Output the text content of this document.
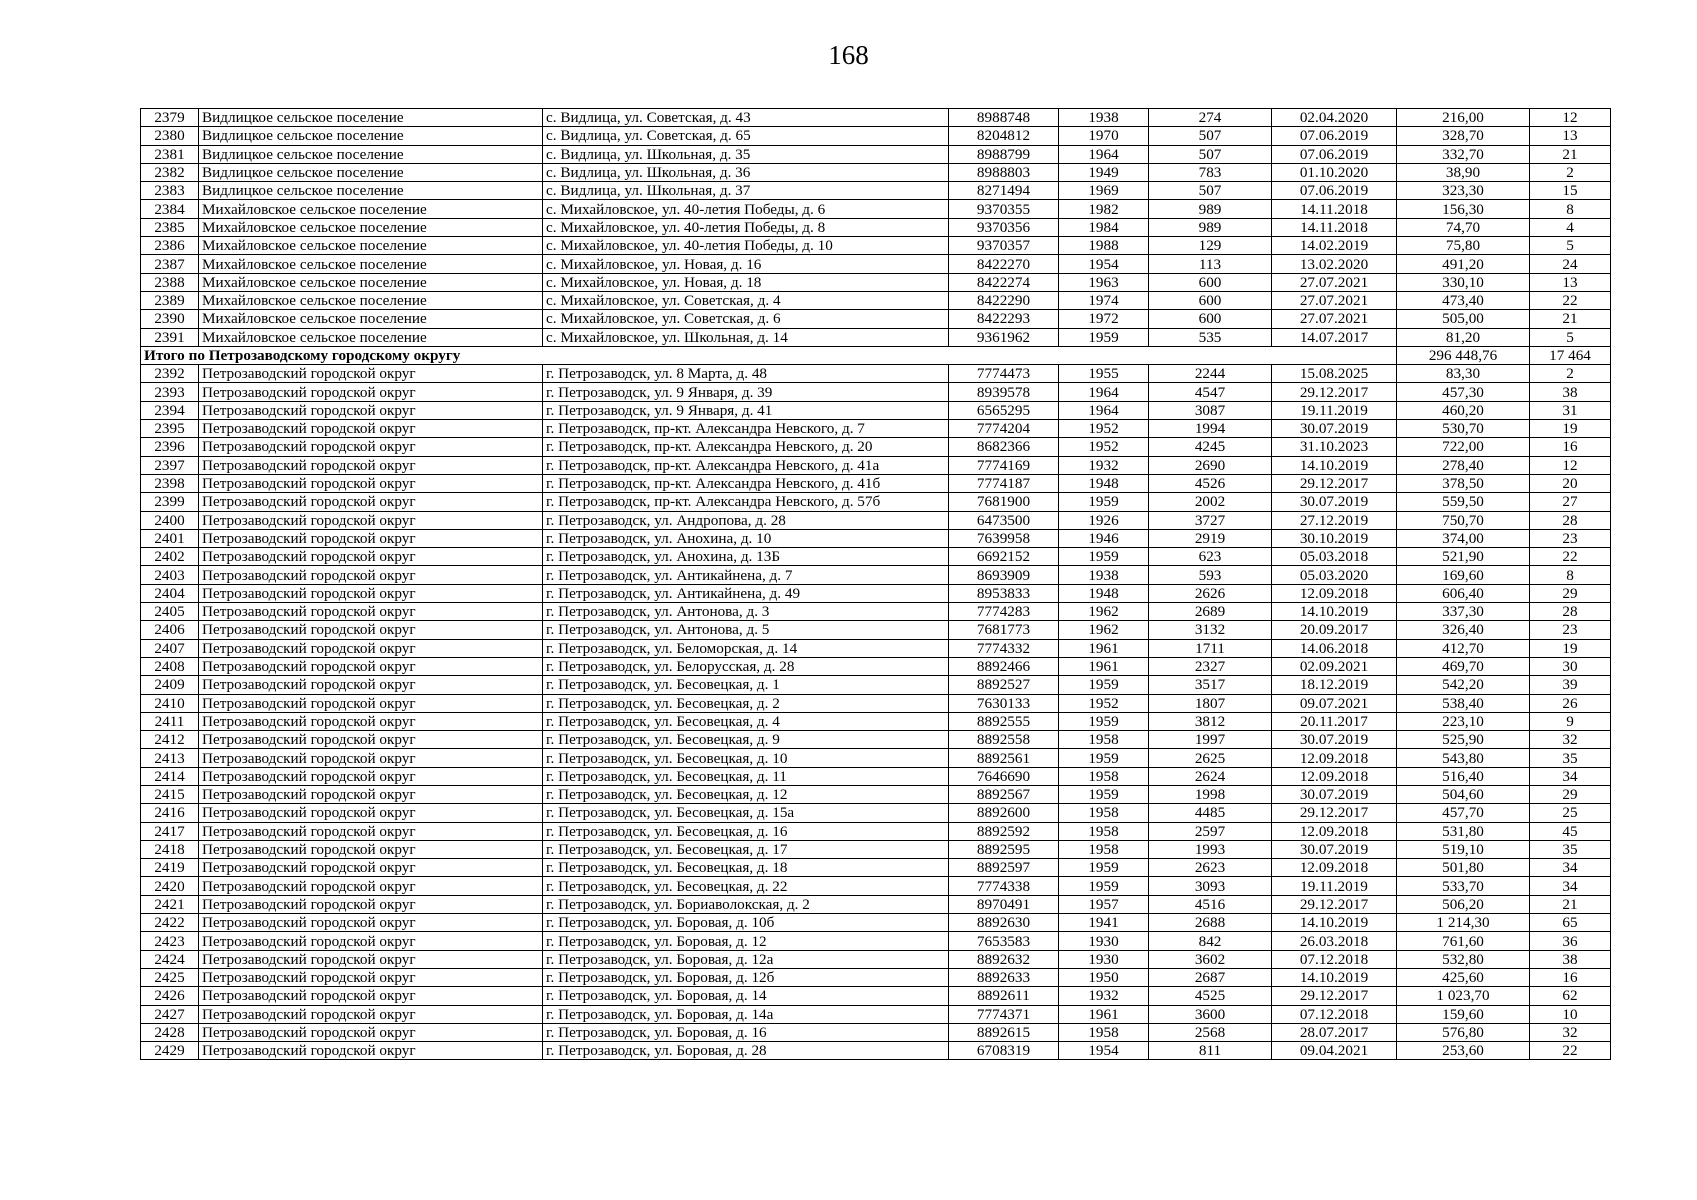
168
2379	Видлицкое сельское поселение	с. Видлица, ул. Советская, д. 43	8988748	1938	274	02.04.2020	216,00	12
2380	Видлицкое сельское поселение	с. Видлица, ул. Советская, д. 65	8204812	1970	507	07.06.2019	328,70	13
2381	Видлицкое сельское поселение	с. Видлица, ул. Школьная, д. 35	8988799	1964	507	07.06.2019	332,70	21
2382	Видлицкое сельское поселение	с. Видлица, ул. Школьная, д. 36	8988803	1949	783	01.10.2020	38,90	2
2383	Видлицкое сельское поселение	с. Видлица, ул. Школьная, д. 37	8271494	1969	507	07.06.2019	323,30	15
2384	Михайловское сельское поселение	с. Михайловское, ул. 40-летия Победы, д. 6	9370355	1982	989	14.11.2018	156,30	8
2385	Михайловское сельское поселение	с. Михайловское, ул. 40-летия Победы, д. 8	9370356	1984	989	14.11.2018	74,70	4
2386	Михайловское сельское поселение	с. Михайловское, ул. 40-летия Победы, д. 10	9370357	1988	129	14.02.2019	75,80	5
2387	Михайловское сельское поселение	с. Михайловское, ул. Новая, д. 16	8422270	1954	113	13.02.2020	491,20	24
2388	Михайловское сельское поселение	с. Михайловское, ул. Новая, д. 18	8422274	1963	600	27.07.2021	330,10	13
2389	Михайловское сельское поселение	с. Михайловское, ул. Советская, д. 4	8422290	1974	600	27.07.2021	473,40	22
2390	Михайловское сельское поселение	с. Михайловское, ул. Советская, д. 6	8422293	1972	600	27.07.2021	505,00	21
2391	Михайловское сельское поселение	с. Михайловское, ул. Школьная, д. 14	9361962	1959	535	14.07.2017	81,20	5
Итого по Петрозаводскому городскому округу							296 448,76	17 464
2392	Петрозаводский городской округ	г. Петрозаводск, ул. 8 Марта, д. 48	7774473	1955	2244	15.08.2025	83,30	2
2393	Петрозаводский городской округ	г. Петрозаводск, ул. 9 Января, д. 39	8939578	1964	4547	29.12.2017	457,30	38
2394	Петрозаводский городской округ	г. Петрозаводск, ул. 9 Января, д. 41	6565295	1964	3087	19.11.2019	460,20	31
2395	Петрозаводский городской округ	г. Петрозаводск, пр-кт. Александра Невского, д. 7	7774204	1952	1994	30.07.2019	530,70	19
2396	Петрозаводский городской округ	г. Петрозаводск, пр-кт. Александра Невского, д. 20	8682366	1952	4245	31.10.2023	722,00	16
2397	Петрозаводский городской округ	г. Петрозаводск, пр-кт. Александра Невского, д. 41а	7774169	1932	2690	14.10.2019	278,40	12
2398	Петрозаводский городской округ	г. Петрозаводск, пр-кт. Александра Невского, д. 41б	7774187	1948	4526	29.12.2017	378,50	20
2399	Петрозаводский городской округ	г. Петрозаводск, пр-кт. Александра Невского, д. 57б	7681900	1959	2002	30.07.2019	559,50	27
2400	Петрозаводский городской округ	г. Петрозаводск, ул. Андропова, д. 28	6473500	1926	3727	27.12.2019	750,70	28
2401	Петрозаводский городской округ	г. Петрозаводск, ул. Анохина, д. 10	7639958	1946	2919	30.10.2019	374,00	23
2402	Петрозаводский городской округ	г. Петрозаводск, ул. Анохина, д. 13Б	6692152	1959	623	05.03.2018	521,90	22
2403	Петрозаводский городской округ	г. Петрозаводск, ул. Антикайнена, д. 7	8693909	1938	593	05.03.2020	169,60	8
2404	Петрозаводский городской округ	г. Петрозаводск, ул. Антикайнена, д. 49	8953833	1948	2626	12.09.2018	606,40	29
2405	Петрозаводский городской округ	г. Петрозаводск, ул. Антонова, д. 3	7774283	1962	2689	14.10.2019	337,30	28
2406	Петрозаводский городской округ	г. Петрозаводск, ул. Антонова, д. 5	7681773	1962	3132	20.09.2017	326,40	23
2407	Петрозаводский городской округ	г. Петрозаводск, ул. Беломорская, д. 14	7774332	1961	1711	14.06.2018	412,70	19
2408	Петрозаводский городской округ	г. Петрозаводск, ул. Белорусская, д. 28	8892466	1961	2327	02.09.2021	469,70	30
2409	Петрозаводский городской округ	г. Петрозаводск, ул. Бесовецкая, д. 1	8892527	1959	3517	18.12.2019	542,20	39
2410	Петрозаводский городской округ	г. Петрозаводск, ул. Бесовецкая, д. 2	7630133	1952	1807	09.07.2021	538,40	26
2411	Петрозаводский городской округ	г. Петрозаводск, ул. Бесовецкая, д. 4	8892555	1959	3812	20.11.2017	223,10	9
2412	Петрозаводский городской округ	г. Петрозаводск, ул. Бесовецкая, д. 9	8892558	1958	1997	30.07.2019	525,90	32
2413	Петрозаводский городской округ	г. Петрозаводск, ул. Бесовецкая, д. 10	8892561	1959	2625	12.09.2018	543,80	35
2414	Петрозаводский городской округ	г. Петрозаводск, ул. Бесовецкая, д. 11	7646690	1958	2624	12.09.2018	516,40	34
2415	Петрозаводский городской округ	г. Петрозаводск, ул. Бесовецкая, д. 12	8892567	1959	1998	30.07.2019	504,60	29
2416	Петрозаводский городской округ	г. Петрозаводск, ул. Бесовецкая, д. 15а	8892600	1958	4485	29.12.2017	457,70	25
2417	Петрозаводский городской округ	г. Петрозаводск, ул. Бесовецкая, д. 16	8892592	1958	2597	12.09.2018	531,80	45
2418	Петрозаводский городской округ	г. Петрозаводск, ул. Бесовецкая, д. 17	8892595	1958	1993	30.07.2019	519,10	35
2419	Петрозаводский городской округ	г. Петрозаводск, ул. Бесовецкая, д. 18	8892597	1959	2623	12.09.2018	501,80	34
2420	Петрозаводский городской округ	г. Петрозаводск, ул. Бесовецкая, д. 22	7774338	1959	3093	19.11.2019	533,70	34
2421	Петрозаводский городской округ	г. Петрозаводск, ул. Бориаволокская, д. 2	8970491	1957	4516	29.12.2017	506,20	21
2422	Петрозаводский городской округ	г. Петрозаводск, ул. Боровая, д. 10б	8892630	1941	2688	14.10.2019	1 214,30	65
2423	Петрозаводский городской округ	г. Петрозаводск, ул. Боровая, д. 12	7653583	1930	842	26.03.2018	761,60	36
2424	Петрозаводский городской округ	г. Петрозаводск, ул. Боровая, д. 12а	8892632	1930	3602	07.12.2018	532,80	38
2425	Петрозаводский городской округ	г. Петрозаводск, ул. Боровая, д. 12б	8892633	1950	2687	14.10.2019	425,60	16
2426	Петрозаводский городской округ	г. Петрозаводск, ул. Боровая, д. 14	8892611	1932	4525	29.12.2017	1 023,70	62
2427	Петрозаводский городской округ	г. Петрозаводск, ул. Боровая, д. 14а	7774371	1961	3600	07.12.2018	159,60	10
2428	Петрозаводский городской округ	г. Петрозаводск, ул. Боровая, д. 16	8892615	1958	2568	28.07.2017	576,80	32
2429	Петрозаводский городской округ	г. Петрозаводск, ул. Боровая, д. 28	6708319	1954	811	09.04.2021	253,60	22
